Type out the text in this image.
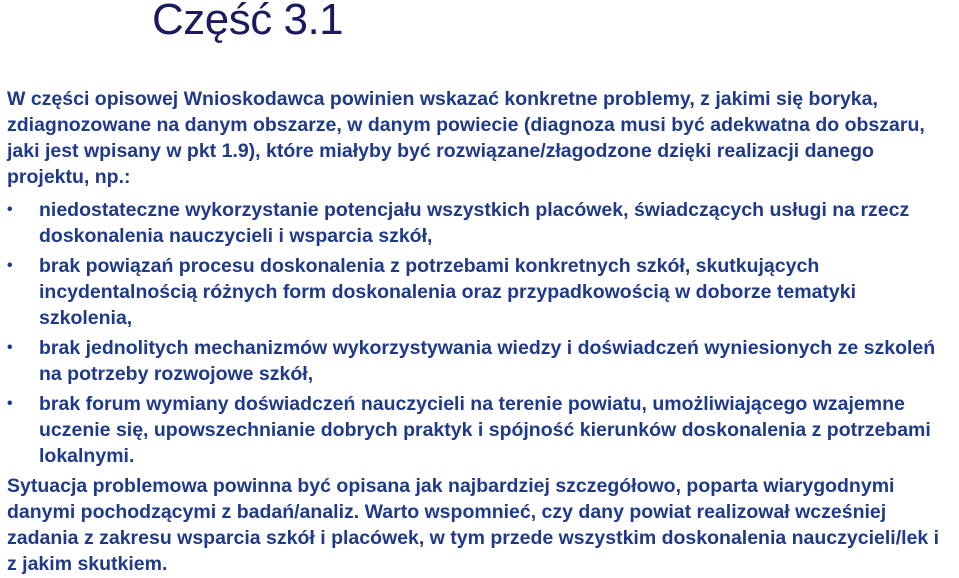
Część 3.1

W części opisowej Wnioskodawca powinien wskazać konkretne problemy, z jakimi się boryka, zdiagnozowane na danym obszarze, w danym powiecie (diagnoza musi być adekwatna do obszaru, jaki jest wpisany w pkt 1.9), które miałyby być rozwiązane/złagodzone dzięki realizacji danego projektu, np.:

• niedostateczne wykorzystanie potencjału wszystkich placówek, świadczących usługi na rzecz doskonalenia nauczycieli i wsparcia szkół,
• brak powiązań procesu doskonalenia z potrzebami konkretnych szkół, skutkujących incydentalnością różnych form doskonalenia oraz przypadkowością w doborze tematyki szkolenia,
• brak jednolitych mechanizmów wykorzystywania wiedzy i doświadczeń wyniesionych ze szkoleń na potrzeby rozwojowe szkół,
• brak forum wymiany doświadczeń nauczycieli na terenie powiatu, umożliwiającego wzajemne uczenie się, upowszechnianie dobrych praktyk i spójność kierunków doskonalenia z potrzebami lokalnymi.

Sytuacja problemowa powinna być opisana jak najbardziej szczegółowo, poparta wiarygodnymi danymi pochodzącymi z badań/analiz. Warto wspomnieć, czy dany powiat realizował wcześniej zadania z zakresu wsparcia szkół i placówek, w tym przede wszystkim doskonalenia nauczycieli/lek i z jakim skutkiem.
